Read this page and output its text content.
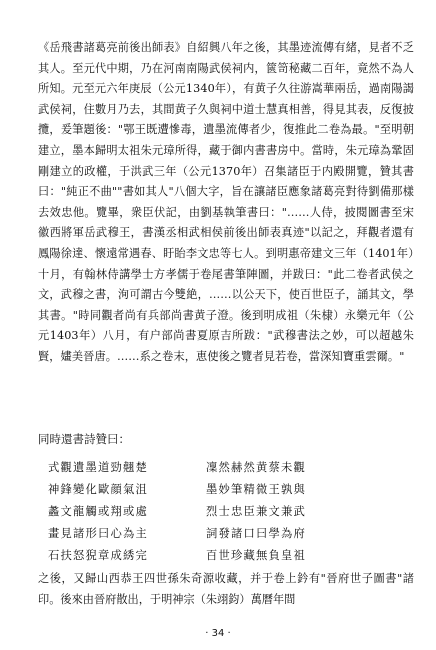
《岳飛書諸葛亮前後出師表》自紹興八年之後，其墨迹流傳有緒，見者不乏其人。至元代中期，乃在河南南陽武侯祠内，篋笥秘藏二百年，竟然不為人所知。元至元六年庚辰（公元1340年），有黄子久往游嵩華兩岳，過南陽謁武侯祠，住數月乃去，其間黄子久與祠中道士慧真相善，得見其表，反復披攬，爰筆題後："鄂王既遭慘毒，遺墨流傳者少，復推此二卷為最。"至明朝建立，墨本歸明太祖朱元璋所得，藏于御内書書房中。當時，朱元璋為鞏固剛建立的政權，于洪武三年（公元1370年）召集諸臣于内殿開覽，贊其書曰："純正不曲""書如其人"八個大字，旨在讓諸臣應象諸葛亮對待劉備那樣去效忠他。覽畢，衆臣伏記，由劉基執筆書曰："……人侍，披閱圖書至宋徽西將軍岳武穆王，書漢丞相武相侯前後出師表真迹"以記之，拜觀者還有鳳陽徐達、懷遠常遇春、盱眙李文忠等七人。到明惠帝建文三年（1401年）十月，有翰林侍講學士方孝儒于卷尾書筆陣圖，并跋曰："此二卷者武侯之文，武穆之書，洵可謂古今雙絶，……以公天下，使百世臣子，誦其文，學其書。"時同觀者尚有兵部尚書黄子澄。後到明成祖（朱棣）永樂元年（公元1403年）八月，有户部尚書夏原吉所跋："武穆書法之妙，可以超越朱賢，嫿美晉唐。……系之卷末，恵使後之覽者見若卷，當深知寶重雲爾。"

同時還書詩贊曰：

式觀遺墨道勁翹楚	凜然赫然黄蔡未觀
神鋒變化歐顔氣沮	墨妙筆精微王孰與
蠡文龍觸或翔或處	烈士忠臣兼文兼武
畫見諸形曰心為主	詞發諸口曰學為府
石扶怒猊章成綉完	百世珍藏無負皇祖

之後，又歸山西恭王四世孫朱奇源收藏，并于卷上鈐有"晉府世子圖書"諸印。後來由晉府散出，于明神宗（朱翊鈞）萬曆年間

· 34 ·
